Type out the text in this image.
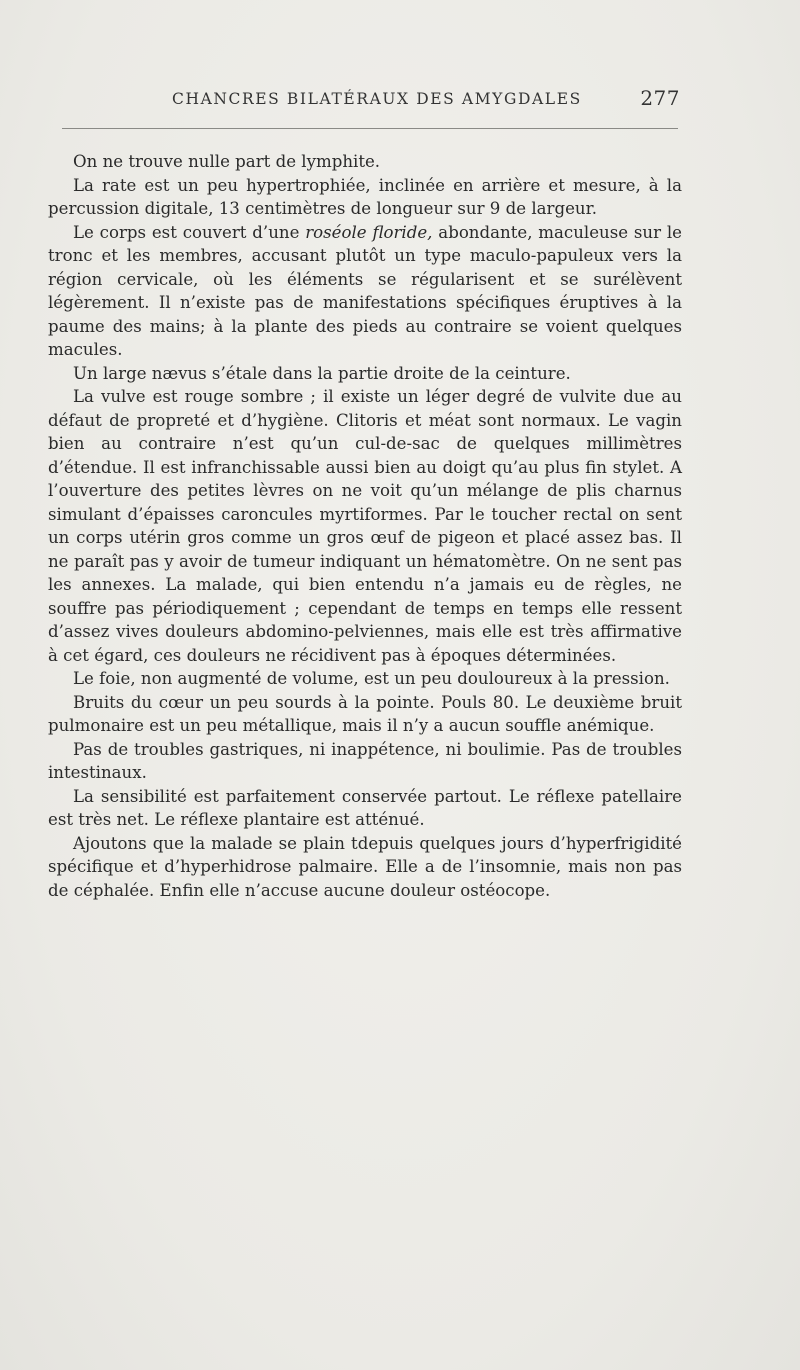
CHANCRES BILATÉRAUX DES AMYGDALES	277

On ne trouve nulle part de lymphite.

La rate est un peu hypertrophiée, inclinée en arrière et mesure, à la percussion digitale, 13 centimètres de longueur sur 9 de largeur.

Le corps est couvert d’une roséole floride, abondante, maculeuse sur le tronc et les membres, accusant plutôt un type maculo-papuleux vers la région cervicale, où les éléments se régularisent et se surélèvent légèrement. Il n’existe pas de manifestations spécifiques éruptives à la paume des mains; à la plante des pieds au contraire se voient quelques macules.

Un large nævus s’étale dans la partie droite de la ceinture.

La vulve est rouge sombre ; il existe un léger degré de vulvite due au défaut de propreté et d’hygiène. Clitoris et méat sont normaux. Le vagin bien au contraire n’est qu’un cul-de-sac de quelques millimètres d’étendue. Il est infranchissable aussi bien au doigt qu’au plus fin stylet. A l’ouverture des petites lèvres on ne voit qu’un mélange de plis charnus simulant d’épaisses caroncules myrtiformes. Par le toucher rectal on sent un corps utérin gros comme un gros œuf de pigeon et placé assez bas. Il ne paraît pas y avoir de tumeur indiquant un hématomètre. On ne sent pas les annexes. La malade, qui bien entendu n’a jamais eu de règles, ne souffre pas périodiquement ; cependant de temps en temps elle ressent d’assez vives douleurs abdomino-pelviennes, mais elle est très affirmative à cet égard, ces douleurs ne récidivent pas à époques déterminées.

Le foie, non augmenté de volume, est un peu douloureux à la pression.

Bruits du cœur un peu sourds à la pointe. Pouls 80. Le deuxième bruit pulmonaire est un peu métallique, mais il n’y a aucun souffle anémique.

Pas de troubles gastriques, ni inappétence, ni boulimie. Pas de troubles intestinaux.

La sensibilité est parfaitement conservée partout. Le réflexe patellaire est très net. Le réflexe plantaire est atténué.

Ajoutons que la malade se plain tdepuis quelques jours d’hyperfrigidité spécifique et d’hyperhidrose palmaire. Elle a de l’insomnie, mais non pas de céphalée. Enfin elle n’accuse aucune douleur ostéocope.
